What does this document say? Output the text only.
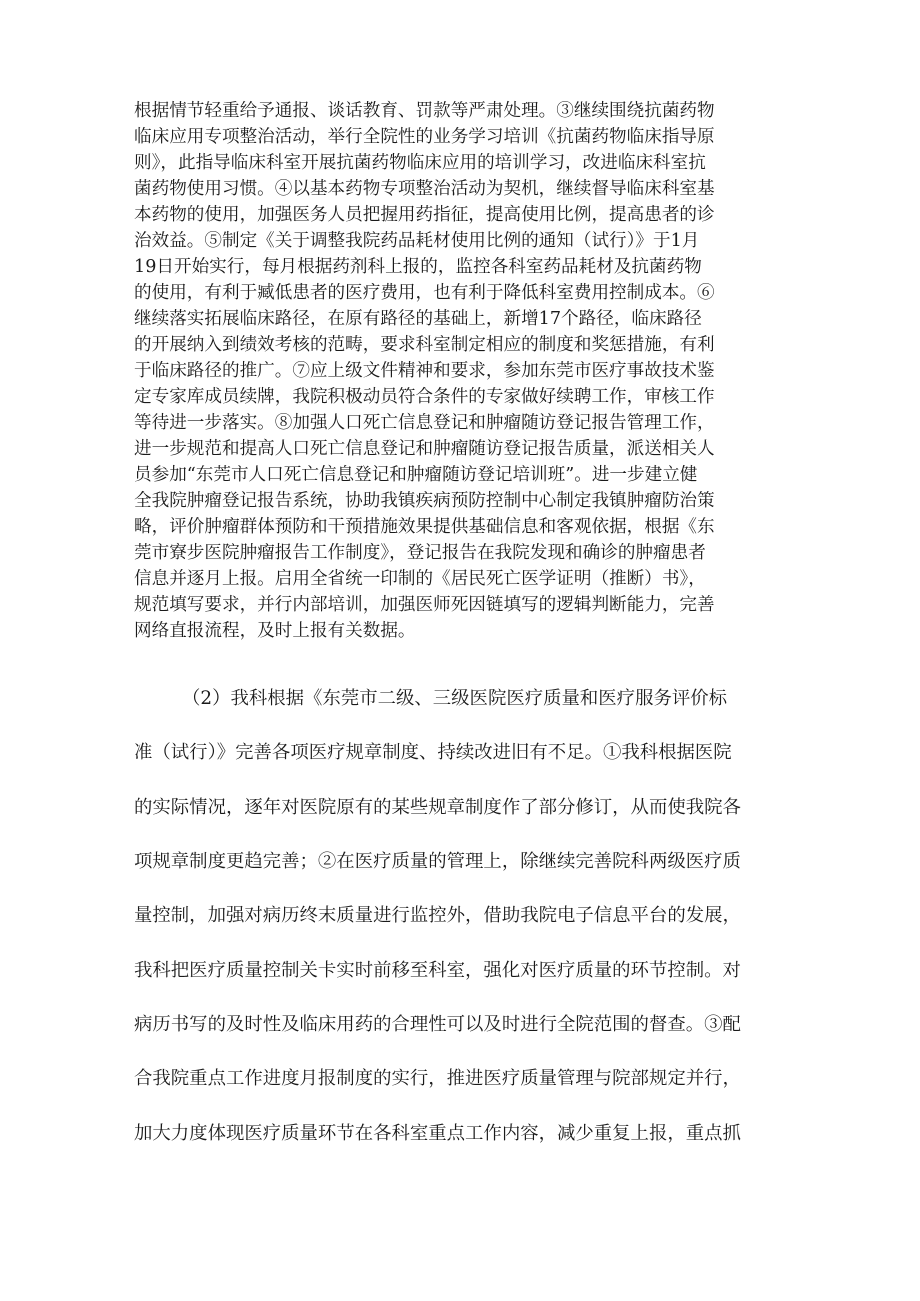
根据情节轻重给予通报、谈话教育、罚款等严肃处理。③继续围绕抗菌药物

临床应用专项整治活动，举行全院性的业务学习培训《抗菌药物临床指导原

则》，此指导临床科室开展抗菌药物临床应用的培训学习，改进临床科室抗

菌药物使用习惯。④以基本药物专项整治活动为契机，继续督导临床科室基

本药物的使用，加强医务人员把握用药指征，提高使用比例，提高患者的诊

治效益。⑤制定《关于调整我院药品耗材使用比例的通知（试行）》于1月

19日开始实行，每月根据药剂科上报的，监控各科室药品耗材及抗菌药物

的使用，有利于臧低患者的医疗费用，也有利于降低科室费用控制成本。⑥

继续落实拓展临床路径，在原有路径的基础上，新增17个路径，临床路径

的开展纳入到绩效考核的范畴，要求科室制定相应的制度和奖惩措施，有利

于临床路径的推广。⑦应上级文件精神和要求，参加东莞市医疗事故技术鉴

定专家库成员续牌，我院积极动员符合条件的专家做好续聘工作，审核工作

等待进一步落实。⑧加强人口死亡信息登记和肿瘤随访登记报告管理工作，

进一步规范和提高人口死亡信息登记和肿瘤随访登记报告质量，派送相关人

员参加“东莞市人口死亡信息登记和肿瘤随访登记培训班”。进一步建立健

全我院肿瘤登记报告系统，协助我镇疾病预防控制中心制定我镇肿瘤防治策

略，评价肿瘤群体预防和干预措施效果提供基础信息和客观依据，根据《东

莞市寮步医院肿瘤报告工作制度》，登记报告在我院发现和确诊的肿瘤患者

信息并逐月上报。启用全省统一印制的《居民死亡医学证明（推断）书》，

规范填写要求，并行内部培训，加强医师死因链填写的逻辑判断能力，完善

网络直报流程，及时上报有关数据。

（2）我科根据《东莞市二级、三级医院医疗质量和医疗服务评价标

准（试行）》完善各项医疗规章制度、持续改进旧有不足。①我科根据医院

的实际情况，逐年对医院原有的某些规章制度作了部分修订，从而使我院各

项规章制度更趋完善；②在医疗质量的管理上，除继续完善院科两级医疗质

量控制，加强对病历终末质量进行监控外，借助我院电子信息平台的发展，

我科把医疗质量控制关卡实时前移至科室，强化对医疗质量的环节控制。对

病历书写的及时性及临床用药的合理性可以及时进行全院范围的督查。③配

合我院重点工作进度月报制度的实行，推进医疗质量管理与院部规定并行，

加大力度体现医疗质量环节在各科室重点工作内容，减少重复上报，重点抓
